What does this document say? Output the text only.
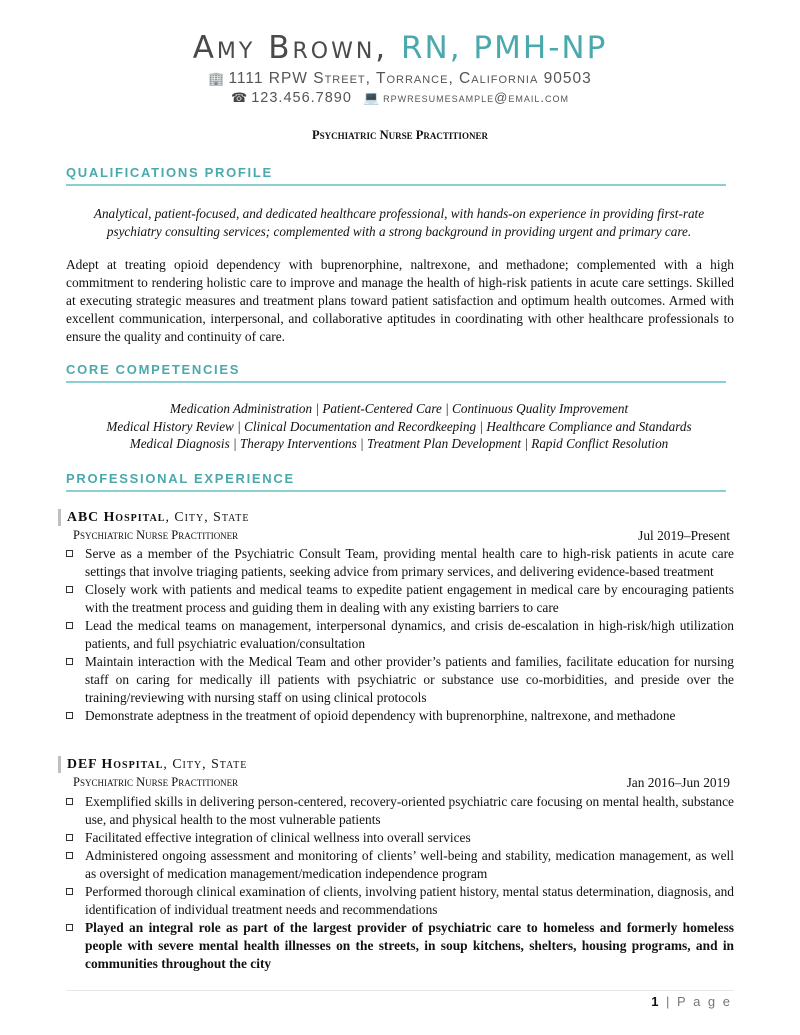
Amy Brown, RN, PMH-NP
🏢 1111 RPW Street, Torrance, California 90503
☎ 123.456.7890 💻 rpwresumesample@email.com
Psychiatric Nurse Practitioner
QUALIFICATIONS PROFILE
Analytical, patient-focused, and dedicated healthcare professional, with hands-on experience in providing first-rate psychiatry consulting services; complemented with a strong background in providing urgent and primary care.
Adept at treating opioid dependency with buprenorphine, naltrexone, and methadone; complemented with a high commitment to rendering holistic care to improve and manage the health of high-risk patients in acute care settings. Skilled at executing strategic measures and treatment plans toward patient satisfaction and optimum health outcomes. Armed with excellent communication, interpersonal, and collaborative aptitudes in coordinating with other healthcare professionals to ensure the quality and continuity of care.
CORE COMPETENCIES
Medication Administration | Patient-Centered Care | Continuous Quality Improvement
Medical History Review | Clinical Documentation and Recordkeeping | Healthcare Compliance and Standards
Medical Diagnosis | Therapy Interventions | Treatment Plan Development | Rapid Conflict Resolution
PROFESSIONAL EXPERIENCE
ABC Hospital, City, State
Psychiatric Nurse Practitioner	Jul 2019–Present
Serve as a member of the Psychiatric Consult Team, providing mental health care to high-risk patients in acute care settings that involve triaging patients, seeking advice from primary services, and delivering evidence-based treatment
Closely work with patients and medical teams to expedite patient engagement in medical care by encouraging patients with the treatment process and guiding them in dealing with any existing barriers to care
Lead the medical teams on management, interpersonal dynamics, and crisis de-escalation in high-risk/high utilization patients, and full psychiatric evaluation/consultation
Maintain interaction with the Medical Team and other provider’s patients and families, facilitate education for nursing staff on caring for medically ill patients with psychiatric or substance use co-morbidities, and preside over the training/reviewing with nursing staff on using clinical protocols
Demonstrate adeptness in the treatment of opioid dependency with buprenorphine, naltrexone, and methadone
DEF Hospital, City, State
Psychiatric Nurse Practitioner	Jan 2016–Jun 2019
Exemplified skills in delivering person-centered, recovery-oriented psychiatric care focusing on mental health, substance use, and physical health to the most vulnerable patients
Facilitated effective integration of clinical wellness into overall services
Administered ongoing assessment and monitoring of clients’ well-being and stability, medication management, as well as oversight of medication management/medication independence program
Performed thorough clinical examination of clients, involving patient history, mental status determination, diagnosis, and identification of individual treatment needs and recommendations
Played an integral role as part of the largest provider of psychiatric care to homeless and formerly homeless people with severe mental health illnesses on the streets, in soup kitchens, shelters, housing programs, and in communities throughout the city
1 | P a g e
